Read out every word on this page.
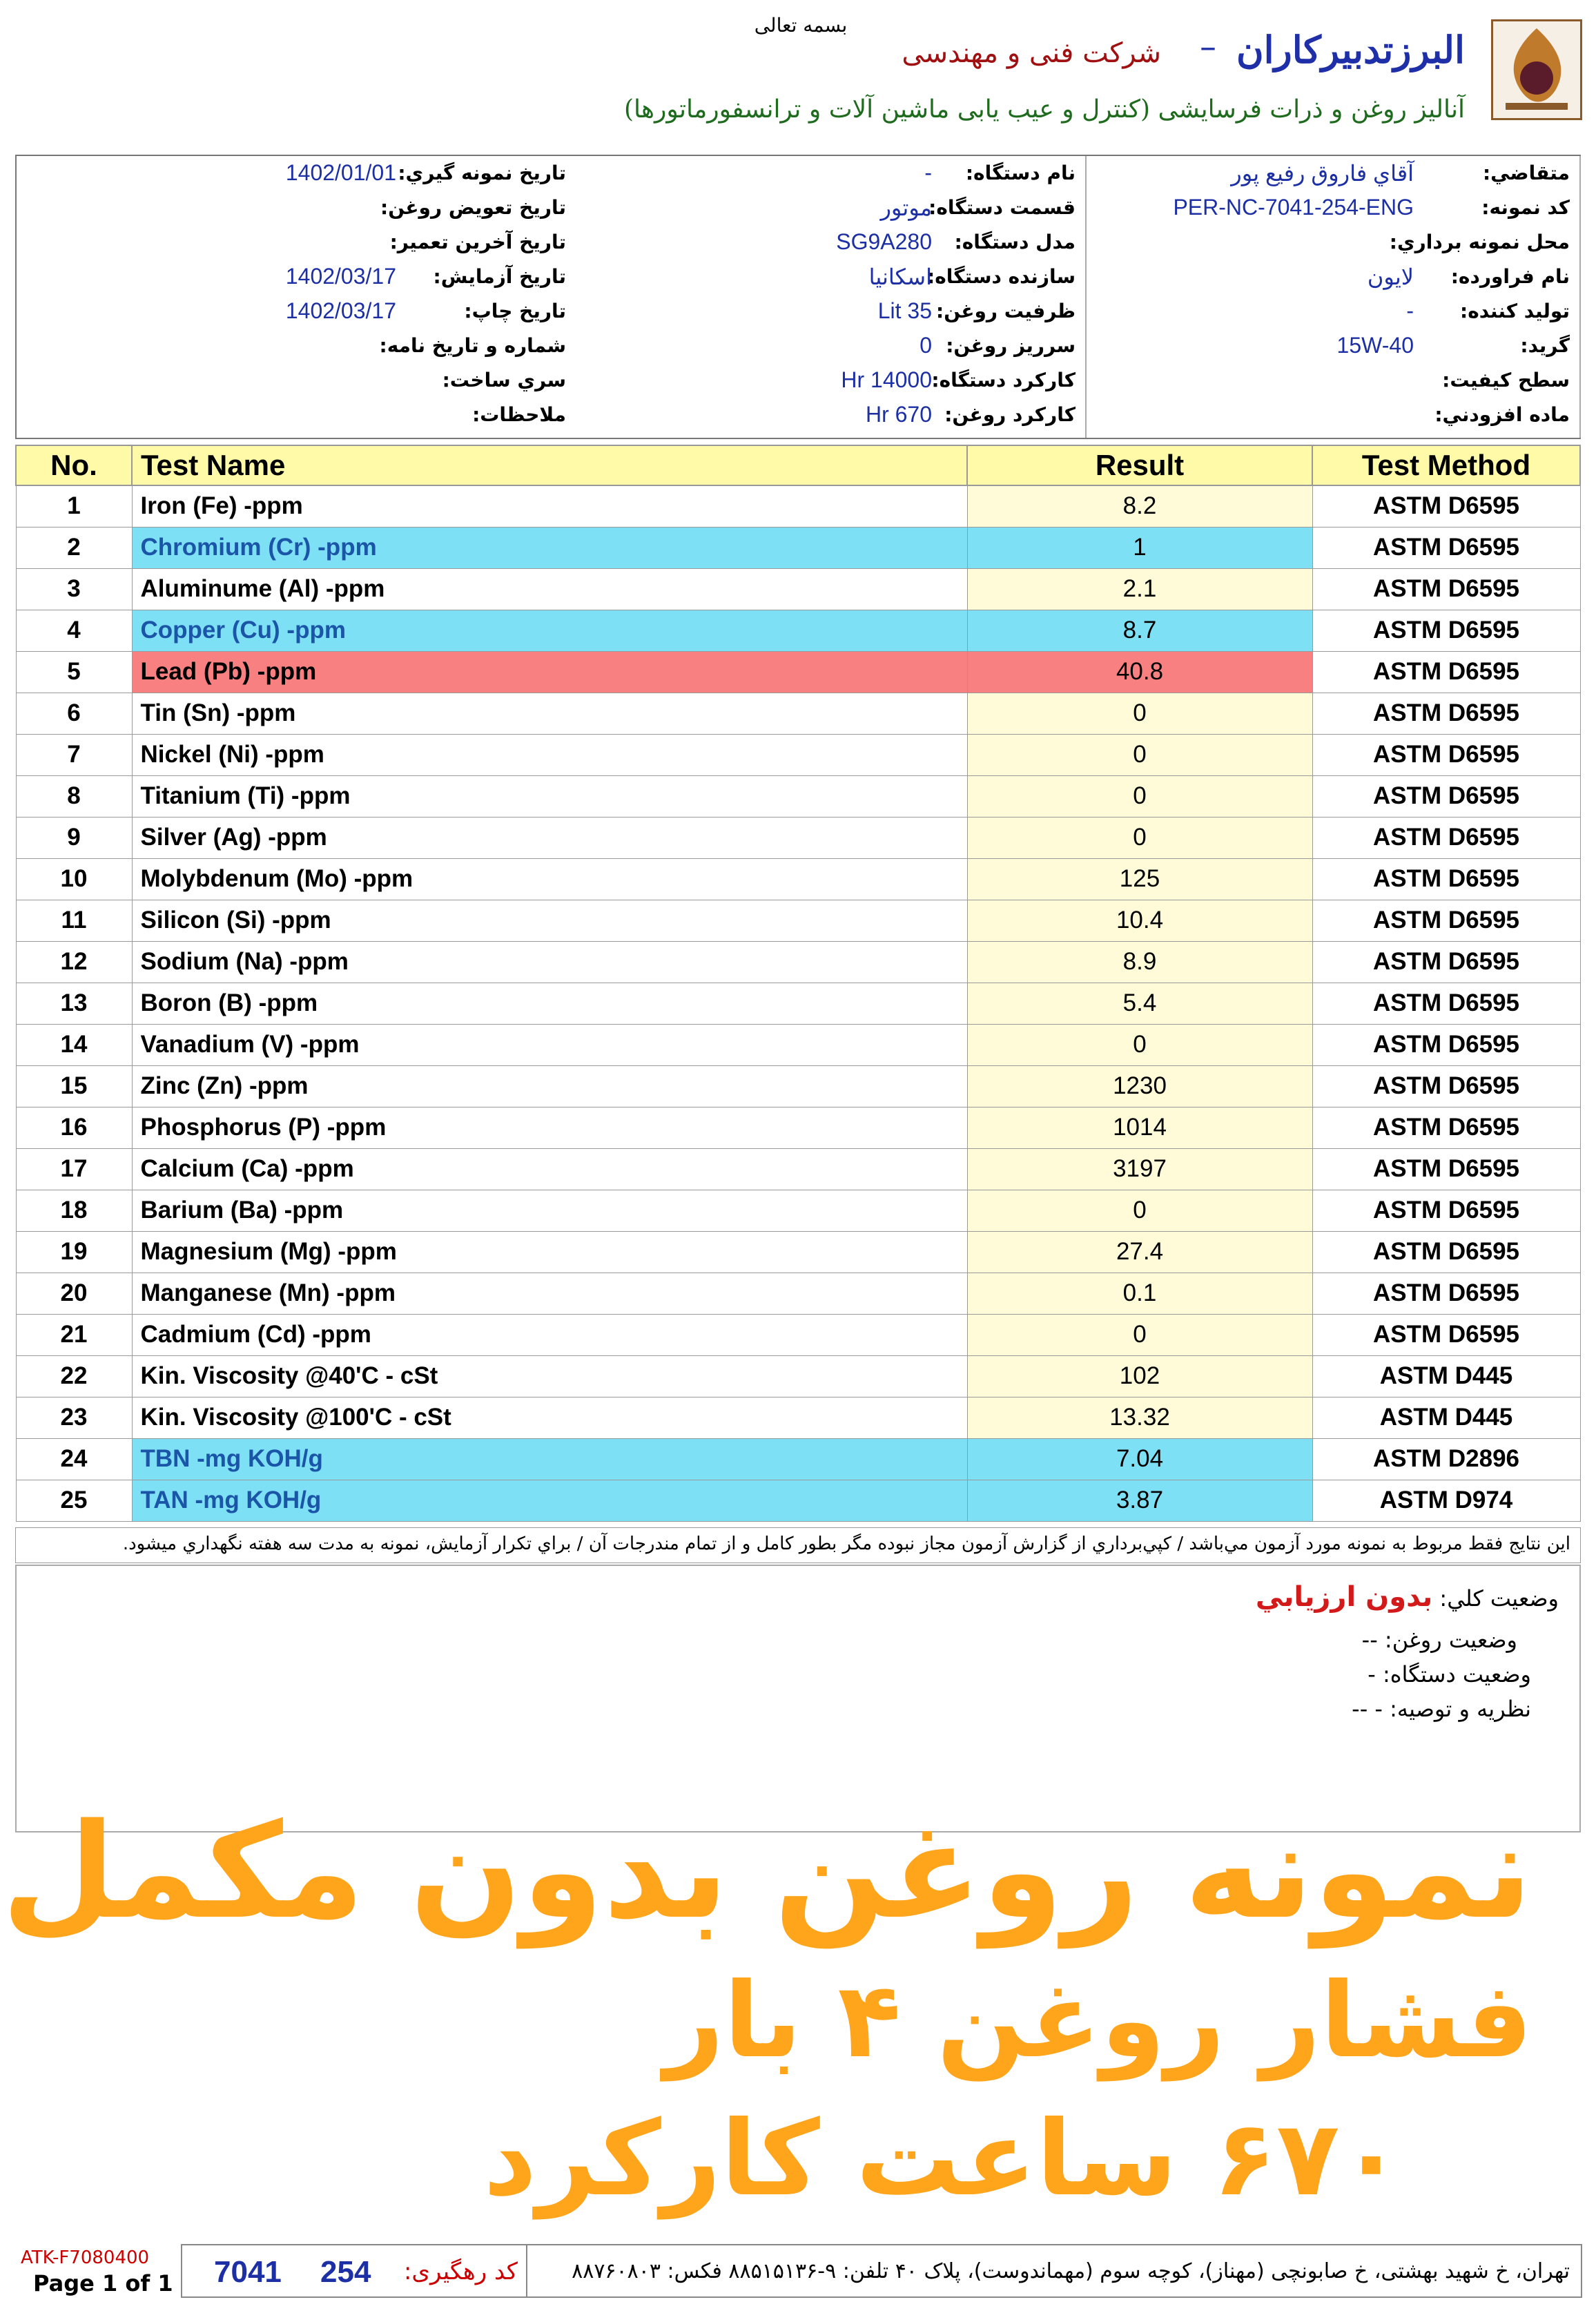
بسمه تعالی
البرزتدبیرکاران
–
شرکت فنی و مهندسی
آنالیز روغن و ذرات فرسایشی (کنترل و عیب یابی ماشین آلات و ترانسفورماتورها)
متقاضي:
آقاي فاروق رفيع پور
كد نمونه:
PER-NC-7041-254-ENG
محل نمونه برداري:
نام فراورده:
لايون
توليد كننده:
-
گريد:
15W-40
سطح كيفيت:
ماده افزودني:
نام دستگاه:
-
قسمت دستگاه:
موتور
مدل دستگاه:
SG9A280
سازنده دستگاه:
اسکانیا
ظرفيت روغن:
35 Lit
سرريز روغن:
0
كاركرد دستگاه:
14000 Hr
كاركرد روغن:
670 Hr
تاريخ نمونه گيري:
1402/01/01
تاريخ تعويض روغن:
تاريخ آخرين تعمير:
تاريخ آزمايش:
1402/03/17
تاريخ چاپ:
1402/03/17
شماره و تاريخ نامه:
سري ساخت:
ملاحظات:
No.	Test Name	Result	Test Method
1	Iron (Fe) -ppm	8.2	ASTM D6595
2	Chromium (Cr) -ppm	1	ASTM D6595
3	Aluminume (Al) -ppm	2.1	ASTM D6595
4	Copper (Cu) -ppm	8.7	ASTM D6595
5	Lead (Pb) -ppm	40.8	ASTM D6595
6	Tin (Sn) -ppm	0	ASTM D6595
7	Nickel (Ni) -ppm	0	ASTM D6595
8	Titanium (Ti) -ppm	0	ASTM D6595
9	Silver (Ag) -ppm	0	ASTM D6595
10	Molybdenum (Mo) -ppm	125	ASTM D6595
11	Silicon (Si) -ppm	10.4	ASTM D6595
12	Sodium (Na) -ppm	8.9	ASTM D6595
13	Boron (B) -ppm	5.4	ASTM D6595
14	Vanadium (V) -ppm	0	ASTM D6595
15	Zinc (Zn) -ppm	1230	ASTM D6595
16	Phosphorus (P) -ppm	1014	ASTM D6595
17	Calcium (Ca) -ppm	3197	ASTM D6595
18	Barium (Ba) -ppm	0	ASTM D6595
19	Magnesium (Mg) -ppm	27.4	ASTM D6595
20	Manganese (Mn) -ppm	0.1	ASTM D6595
21	Cadmium (Cd) -ppm	0	ASTM D6595
22	Kin. Viscosity @40'C - cSt	102	ASTM D445
23	Kin. Viscosity @100'C - cSt	13.32	ASTM D445
24	TBN -mg KOH/g	7.04	ASTM D2896
25	TAN -mg KOH/g	3.87	ASTM D974
اين نتايج فقط مربوط به نمونه مورد آزمون مي‌باشد / كپي‌برداري از گزارش آزمون مجاز نبوده مگر بطور كامل و از تمام مندرجات آن / براي تكرار آزمايش، نمونه به مدت سه هفته نگهداري ميشود.
وضعيت كلي: بدون ارزيابي
وضعيت روغن: --
وضعيت دستگاه: -
نظريه و توصيه: - --
نمونه روغن بدون مکمل
فشار روغن ۴ بار
۶۷۰ ساعت کارکرد
ATK-F7080400
Page 1 of 1 7041 254 کد رهگیری:	تهران، خ شهید بهشتی، خ صابونچی (مهناز)، کوچه سوم (مهماندوست)، پلاک ۴۰ تلفن: ۹-۸۸۵۱۵۱۳۶ فکس: ۸۸۷۶۰۸۰۳
